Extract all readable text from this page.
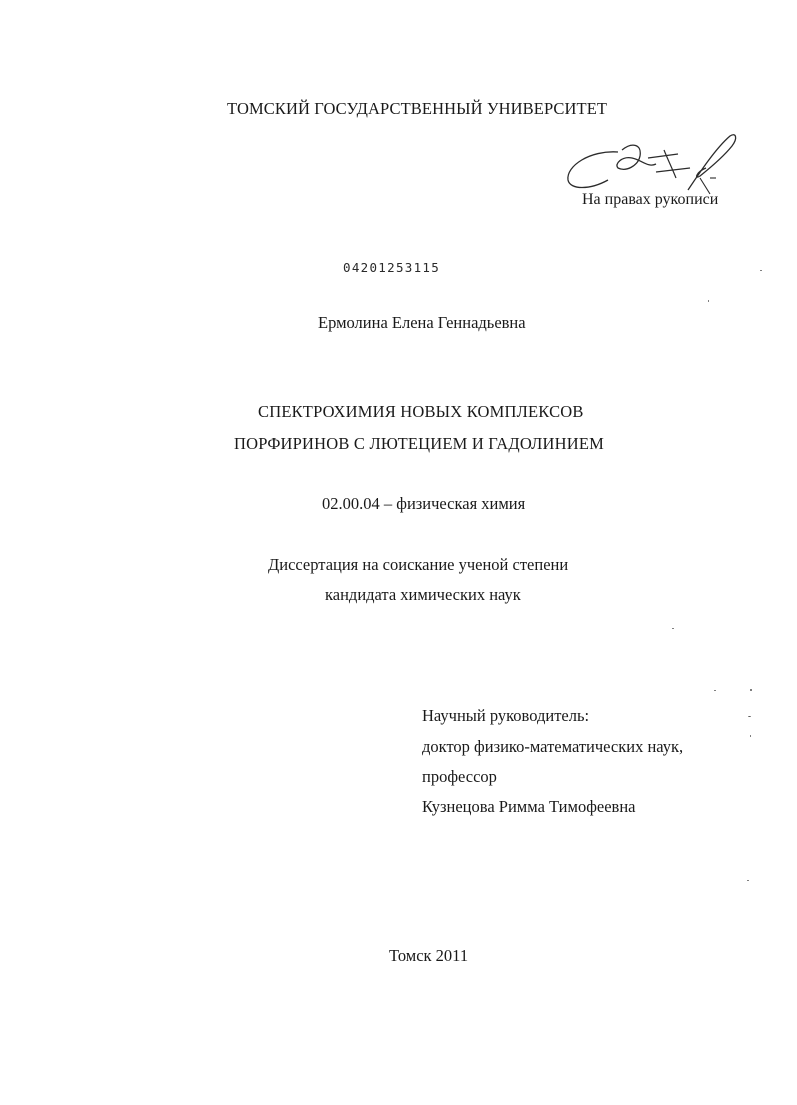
ТОМСКИЙ ГОСУДАРСТВЕННЫЙ УНИВЕРСИТЕТ
На правах рукописи
04201253115
Ермолина Елена Геннадьевна
СПЕКТРОХИМИЯ НОВЫХ КОМПЛЕКСОВ
ПОРФИРИНОВ С ЛЮТЕЦИЕМ И ГАДОЛИНИЕМ
02.00.04 – физическая химия
Диссертация на соискание ученой степени
кандидата химических наук
Научный руководитель:
доктор физико-математических наук,
профессор
Кузнецова Римма Тимофеевна
Томск 2011
